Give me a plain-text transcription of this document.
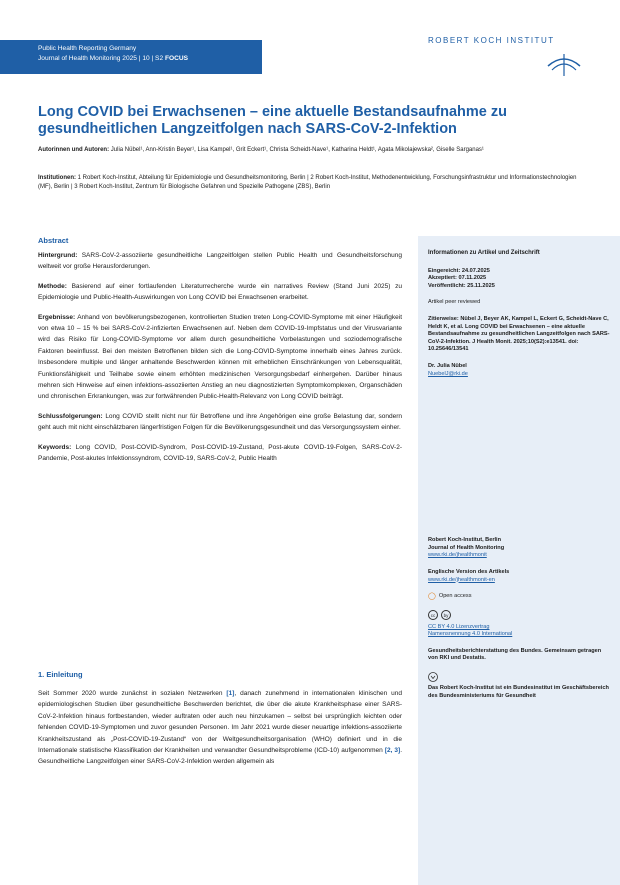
Public Health Reporting Germany
Journal of Health Monitoring 2025 | 10 | S2 FOCUS
ROBERT KOCH INSTITUT
Long COVID bei Erwachsenen – eine aktuelle Bestandsaufnahme zu gesundheitlichen Langzeitfolgen nach SARS-CoV-2-Infektion
Autorinnen und Autoren: Julia Nübel¹, Ann-Kristin Beyer¹, Lisa Kampel¹, Grit Eckert¹, Christa Scheidt-Nave¹, Katharina Heldt¹, Agata Mikolajewska², Giselle Sarganas¹
Institutionen: 1 Robert Koch-Institut, Abteilung für Epidemiologie und Gesundheitsmonitoring, Berlin | 2 Robert Koch-Institut, Methodenentwicklung, Forschungsinfrastruktur und Informationstechnologien (MF), Berlin | 3 Robert Koch-Institut, Zentrum für Biologische Gefahren und Spezielle Pathogene (ZBS), Berlin
Abstract

Hintergrund: SARS-CoV-2-assoziierte gesundheitliche Langzeitfolgen stellen Public Health und Gesundheitsforschung weltweit vor große Herausforderungen.

Methode: Basierend auf einer fortlaufenden Literaturrecherche wurde ein narratives Review (Stand Juni 2025) zu Epidemiologie und Public-Health-Auswirkungen von Long COVID bei Erwachsenen erarbeitet.

Ergebnisse: Anhand von bevölkerungsbezogenen, kontrollierten Studien treten Long-COVID-Symptome mit einer Häufigkeit von etwa 10 – 15 % bei SARS-CoV-2-infizierten Erwachsenen auf. Neben dem COVID-19-Impfstatus und der Virusvariante wird das Risiko für Long-COVID-Symptome vor allem durch gesundheitliche Vorbelastungen und soziodemografische Faktoren beeinflusst. Bei den meisten Betroffenen bilden sich die Long-COVID-Symptome innerhalb eines Jahres zurück. Insbesondere multiple und länger anhaltende Beschwerden können mit erheblichen Einschränkungen von Lebensqualität, Funktionsfähigkeit und Teilhabe sowie einem erhöhten medizinischen Versorgungsbedarf einhergehen. Darüber hinaus mehren sich Hinweise auf einen infektions-assoziierten Anstieg an neu diagnostizierten Symptomkomplexen, Organschäden und chronischen Erkrankungen, was zur fortwährenden Public-Health-Relevanz von Long COVID beiträgt.

Schlussfolgerungen: Long COVID stellt nicht nur für Betroffene und ihre Angehörigen eine große Belastung dar, sondern geht auch mit nicht einschätzbaren längerfristigen Folgen für die Bevölkerungsgesundheit und das Versorgungssystem einher.

Keywords: Long COVID, Post-COVID-Syndrom, Post-COVID-19-Zustand, Post-akute COVID-19-Folgen, SARS-CoV-2-Pandemie, Post-akutes Infektionssyndrom, COVID-19, SARS-CoV-2, Public Health

1. Einleitung

Seit Sommer 2020 wurde zunächst in sozialen Netzwerken [1], danach zunehmend in internationalen klinischen und epidemiologischen Studien über gesundheitliche Beschwerden berichtet, die über die akute Krankheitsphase einer SARS-CoV-2-Infektion hinaus fortbestanden, wieder auftraten oder auch neu hinzukamen – selbst bei ursprünglich leichten oder fehlenden COVID-19-Symptomen und zuvor gesunden Personen. Im Jahr 2021 wurde dieser neuartige infektions-assoziierte Krankheitszustand als „Post-COVID-19-Zustand“ von der Weltgesundheitsorganisation (WHO) definiert und in die Internationale statistische Klassifikation der Krankheiten und verwandter Gesundheitsprobleme (ICD-10) aufgenommen [2, 3]. Gesundheitliche Langzeitfolgen einer SARS-CoV-2-Infektion werden allgemein als

Informationen zu Artikel und Zeitschrift
Eingereicht: 24.07.2025
Akzeptiert: 07.11.2025
Veröffentlicht: 25.11.2025
Artikel peer reviewed
Zitierweise: Nübel J, Beyer AK, Kampel L, Eckert G, Scheidt-Nave C, Heldt K, et al. Long COVID bei Erwachsenen – eine aktuelle Bestandsaufnahme zu gesundheitlichen Langzeitfolgen nach SARS-CoV-2-Infektion. J Health Monit. 2025;10(S2):e13541. doi: 10.25646/13541
Dr. Julia Nübel
NuebelJ@rki.de
Robert Koch-Institut, Berlin
Journal of Health Monitoring
www.rki.de/jhealthmonit
Englische Version des Artikels
www.rki.de/jhealthmonit-en
◯ Open access
cc	by
CC BY 4.0 Lizenzvertrag
Namensnennung 4.0 International
Gesundheitsberichterstattung des Bundes. Gemeinsam getragen von RKI und Destatis.
Das Robert Koch-Institut ist ein Bundesinstitut im Geschäftsbereich des Bundesministeriums für Gesundheit
